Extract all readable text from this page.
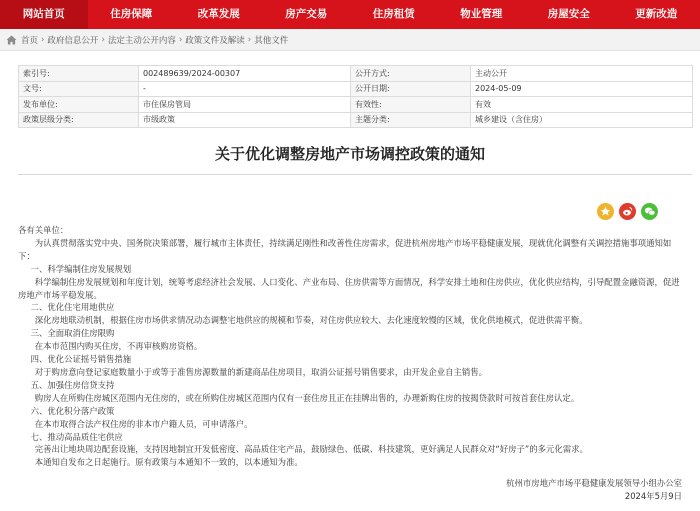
网站首页	住房保障	改革发展	房产交易	住房租赁	物业管理	房屋安全	更新改造
首页 › 政府信息公开 › 法定主动公开内容 › 政策文件及解读 › 其他文件
索引号:	002489639/2024-00307	公开方式:	主动公开
文号:	-	公开日期:	2024-05-09
发布单位:	市住保房管局	有效性:	有效
政策层级分类:	市级政策	主题分类:	城乡建设（含住房）
关于优化调整房地产市场调控政策的通知

各有关单位：

为认真贯彻落实党中央、国务院决策部署，履行城市主体责任，持续满足刚性和改善性住房需求，促进杭州房地产市场平稳健康发展，现就优化调整有关调控措施事项通知如下：

一、科学编制住房发展规划

科学编制住房发展规划和年度计划，统筹考虑经济社会发展、人口变化、产业布局、住房供需等方面情况，科学安排土地和住房供应，优化供应结构，引导配置金融资源，促进房地产市场平稳发展。

二、优化住宅用地供应

深化房地联动机制，根据住房市场供求情况动态调整宅地供应的规模和节奏，对住房供应较大、去化速度较慢的区域，优化供地模式，促进供需平衡。

三、全面取消住房限购

在本市范围内购买住房，不再审核购房资格。

四、优化公证摇号销售措施

对于购房意向登记家庭数量小于或等于准售房源数量的新建商品住房项目，取消公证摇号销售要求，由开发企业自主销售。

五、加强住房信贷支持

购房人在所购住房城区范围内无住房的，或在所购住房城区范围内仅有一套住房且正在挂牌出售的，办理新购住房的按揭贷款时可按首套住房认定。

六、优化积分落户政策

在本市取得合法产权住房的非本市户籍人员，可申请落户。

七、推动高品质住宅供应

完善出让地块周边配套设施，支持因地制宜开发低密度、高品质住宅产品，鼓励绿色、低碳、科技建筑，更好满足人民群众对“好房子”的多元化需求。

本通知自发布之日起施行。原有政策与本通知不一致的，以本通知为准。

杭州市房地产市场平稳健康发展领导小组办公室
2024年5月9日
